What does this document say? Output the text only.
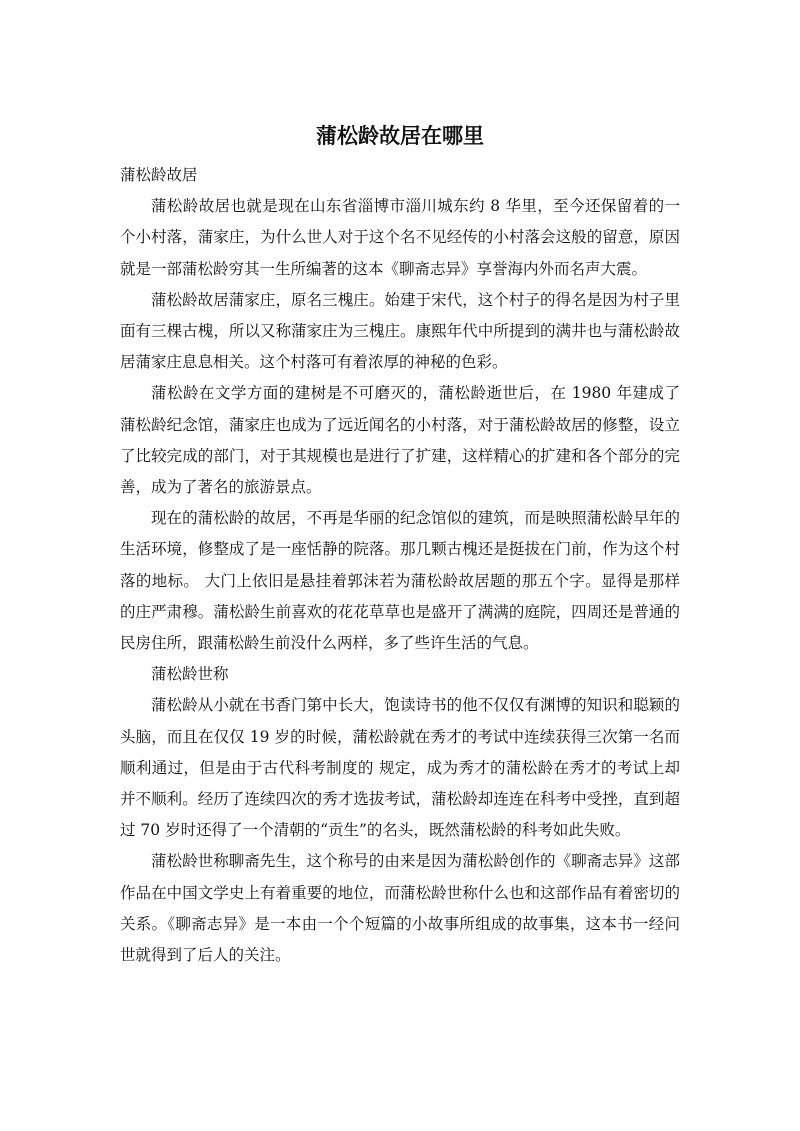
蒲松龄故居在哪里

蒲松龄故居

蒲松龄故居也就是现在山东省淄博市淄川城东约 8 华里，至今还保留着的一个小村落，蒲家庄，为什么世人对于这个名不见经传的小村落会这般的留意，原因就是一部蒲松龄穷其一生所编著的这本《聊斋志异》享誉海内外而名声大震。

蒲松龄故居蒲家庄，原名三槐庄。始建于宋代，这个村子的得名是因为村子里面有三棵古槐，所以又称蒲家庄为三槐庄。康熙年代中所提到的满井也与蒲松龄故居蒲家庄息息相关。这个村落可有着浓厚的神秘的色彩。

蒲松龄在文学方面的建树是不可磨灭的，蒲松龄逝世后，在 1980 年建成了蒲松龄纪念馆，蒲家庄也成为了远近闻名的小村落，对于蒲松龄故居的修整，设立了比较完成的部门，对于其规模也是进行了扩建，这样精心的扩建和各个部分的完善，成为了著名的旅游景点。

现在的蒲松龄的故居，不再是华丽的纪念馆似的建筑，而是映照蒲松龄早年的生活环境，修整成了是一座恬静的院落。那几颗古槐还是挺拔在门前，作为这个村落的地标。 大门上依旧是悬挂着郭沫若为蒲松龄故居题的那五个字。显得是那样的庄严肃穆。蒲松龄生前喜欢的花花草草也是盛开了满满的庭院，四周还是普通的民房住所，跟蒲松龄生前没什么两样，多了些许生活的气息。

蒲松龄世称

蒲松龄从小就在书香门第中长大，饱读诗书的他不仅仅有渊博的知识和聪颖的头脑，而且在仅仅 19 岁的时候，蒲松龄就在秀才的考试中连续获得三次第一名而顺利通过，但是由于古代科考制度的 规定，成为秀才的蒲松龄在秀才的考试上却并不顺利。经历了连续四次的秀才选拔考试，蒲松龄却连连在科考中受挫，直到超过 70 岁时还得了一个清朝的“贡生”的名头，既然蒲松龄的科考如此失败。

蒲松龄世称聊斋先生，这个称号的由来是因为蒲松龄创作的《聊斋志异》这部作品在中国文学史上有着重要的地位，而蒲松龄世称什么也和这部作品有着密切的关系。《聊斋志异》是一本由一个个短篇的小故事所组成的故事集，这本书一经问世就得到了后人的关注。
